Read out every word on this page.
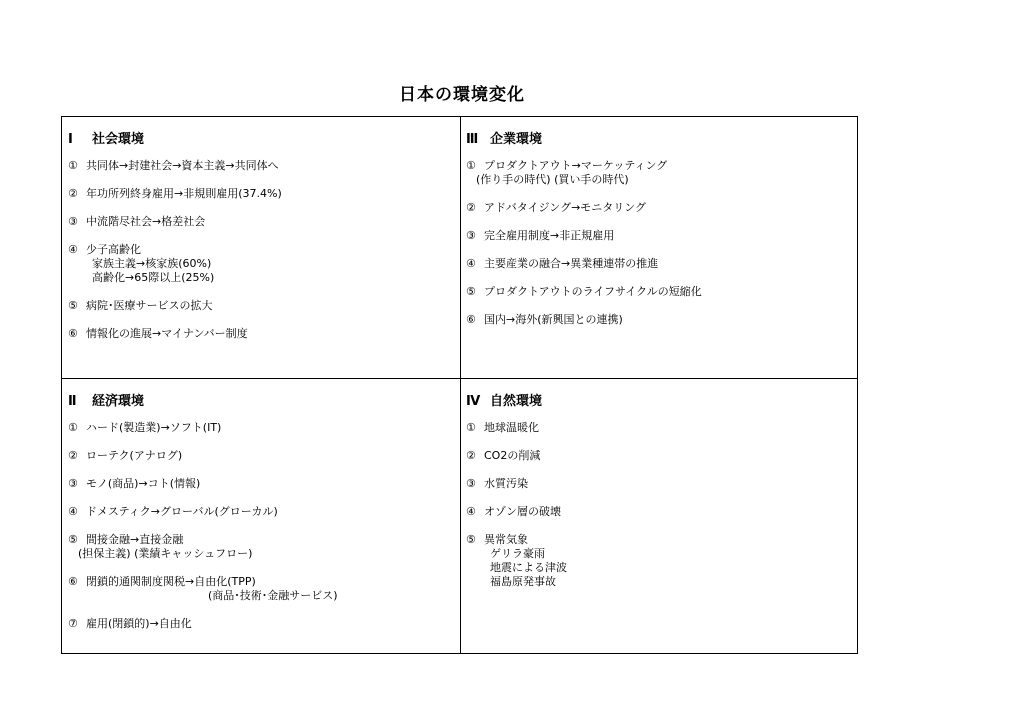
日本の環境変化
Ⅰ 社会環境
① 共同体→封建社会→資本主義→共同体へ
② 年功所列終身雇用→非規則雇用(37.4%)
③ 中流階尽社会→格差社会
④ 少子高齢化
家族主義→核家族(60%)
高齢化→65際以上(25%)
⑤ 病院･医療サービスの拡大
⑥ 情報化の進展→マイナンバー制度
Ⅲ 企業環境
① プロダクトアウト→マーケッティング
(作り手の時代) (買い手の時代)
② アドバタイジング→モニタリング
③ 完全雇用制度→非正規雇用
④ 主要産業の融合→異業種連帯の推進
⑤ プロダクトアウトのライフサイクルの短縮化
⑥ 国内→海外(新興国との連携)
Ⅱ 経済環境
① ハード(製造業)→ソフト(IT)
② ローテク(アナログ)
③ モノ(商品)→コト(情報)
④ ドメスティク→グローバル(グローカル)
⑤ 間接金融→直接金融
(担保主義) (業績キャッシュフロー)
⑥ 閉鎖的通関制度関税→自由化(TPP)
(商品･技術･金融サービス)
⑦ 雇用(閉鎖的)→自由化
Ⅳ 自然環境
① 地球温暖化
② CO2の削減
③ 水質汚染
④ オゾン層の破壊
⑤ 異常気象
ゲリラ豪雨
地震による津波
福島原発事故
